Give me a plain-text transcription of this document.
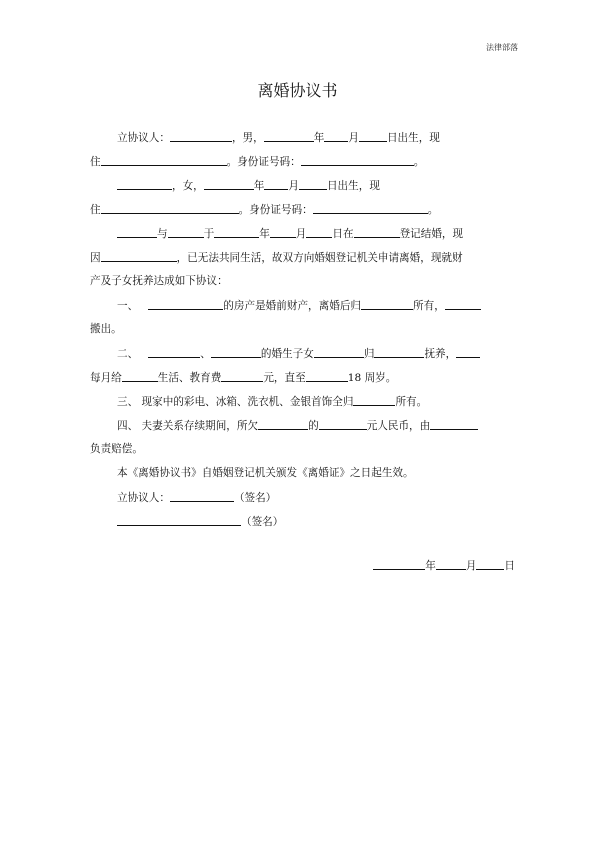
法律部落
离婚协议书
立协议人：	，男，	年 月	日出生，现
住	。身份证号码：	。
，女，	年 月	日出生，现
住	。身份证号码：	。
与	于	年 月 日在	登记结婚，现
因	，已无法共同生活，故双方向婚姻登记机关申请离婚，现就财
产及子女抚养达成如下协议：
一、	的房产是婚前财产，离婚后归	所有，
搬出。
二、	、	的婚生子女	归	抚养，
每月给	生活、教育费	元，直至	18 周岁。
三、 现家中的彩电、冰箱、洗衣机、金银首饰全归	所有。
四、 夫妻关系存续期间，所欠	的	元人民币，由
负责赔偿。
本《离婚协议书》自婚姻登记机关颁发《离婚证》之日起生效。
立协议人：	（签名）
（签名）
年	月	日
